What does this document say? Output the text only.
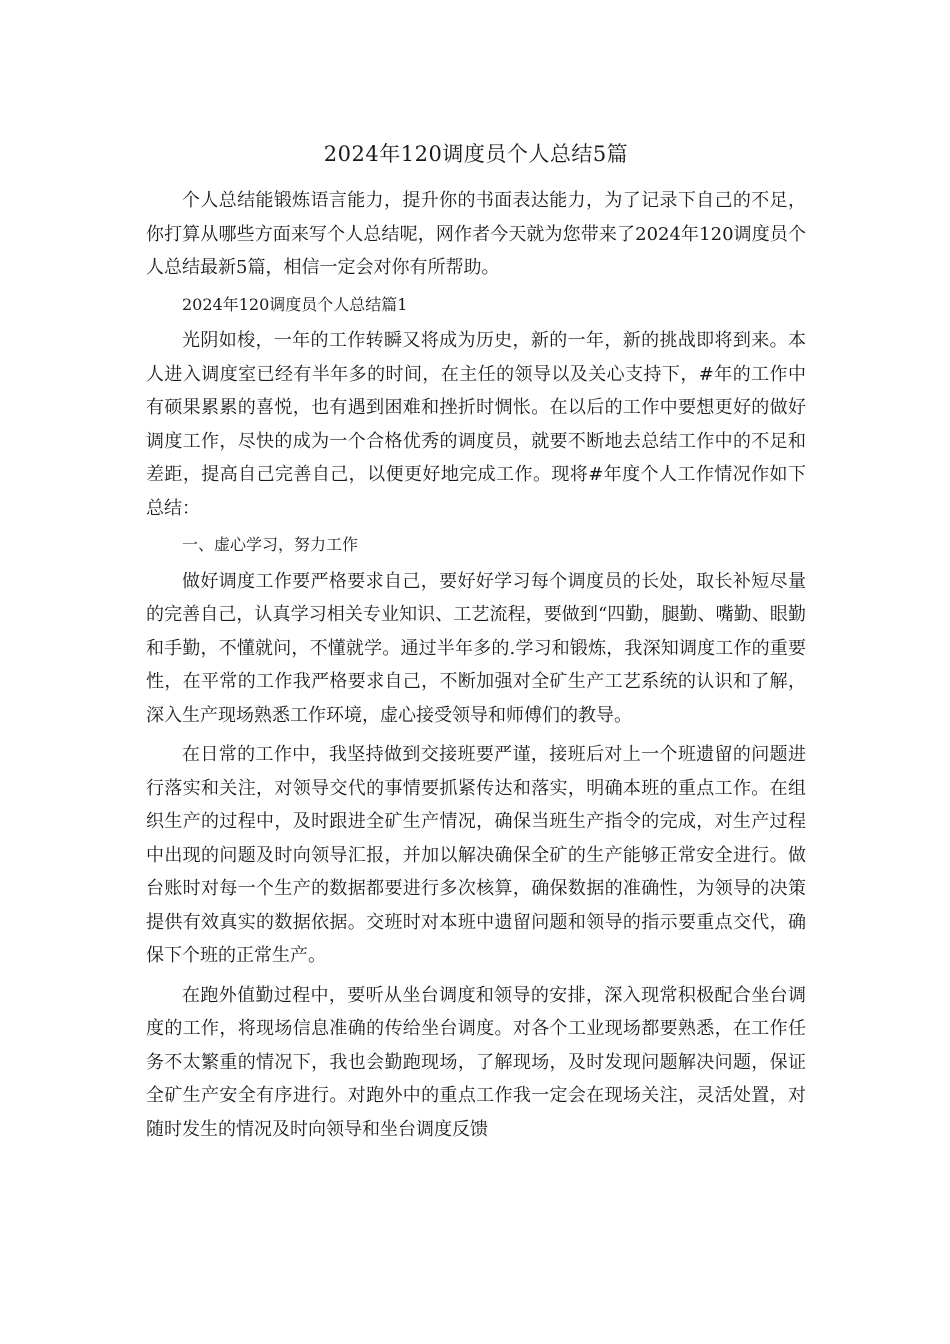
2024年120调度员个人总结5篇

个人总结能锻炼语言能力，提升你的书面表达能力，为了记录下自己的不足，你打算从哪些方面来写个人总结呢，网作者今天就为您带来了2024年120调度员个人总结最新5篇，相信一定会对你有所帮助。

2024年120调度员个人总结篇1

光阴如梭，一年的工作转瞬又将成为历史，新的一年，新的挑战即将到来。本人进入调度室已经有半年多的时间，在主任的领导以及关心支持下，#年的工作中有硕果累累的喜悦，也有遇到困难和挫折时惆怅。在以后的工作中要想更好的做好调度工作，尽快的成为一个合格优秀的调度员，就要不断地去总结工作中的不足和差距，提高自己完善自己，以便更好地完成工作。现将#年度个人工作情况作如下总结：

一、虚心学习，努力工作

做好调度工作要严格要求自己，要好好学习每个调度员的长处，取长补短尽量的完善自己，认真学习相关专业知识、工艺流程，要做到“四勤，腿勤、嘴勤、眼勤和手勤，不懂就问，不懂就学。通过半年多的.学习和锻炼，我深知调度工作的重要性，在平常的工作我严格要求自己，不断加强对全矿生产工艺系统的认识和了解，深入生产现场熟悉工作环境，虚心接受领导和师傅们的教导。

在日常的工作中，我坚持做到交接班要严谨，接班后对上一个班遗留的问题进行落实和关注，对领导交代的事情要抓紧传达和落实，明确本班的重点工作。在组织生产的过程中，及时跟进全矿生产情况，确保当班生产指令的完成，对生产过程中出现的问题及时向领导汇报，并加以解决确保全矿的生产能够正常安全进行。做台账时对每一个生产的数据都要进行多次核算，确保数据的准确性，为领导的决策提供有效真实的数据依据。交班时对本班中遗留问题和领导的指示要重点交代，确保下个班的正常生产。

在跑外值勤过程中，要听从坐台调度和领导的安排，深入现常积极配合坐台调度的工作，将现场信息准确的传给坐台调度。对各个工业现场都要熟悉，在工作任务不太繁重的情况下，我也会勤跑现场，了解现场，及时发现问题解决问题，保证全矿生产安全有序进行。对跑外中的重点工作我一定会在现场关注，灵活处置，对随时发生的情况及时向领导和坐台调度反馈
